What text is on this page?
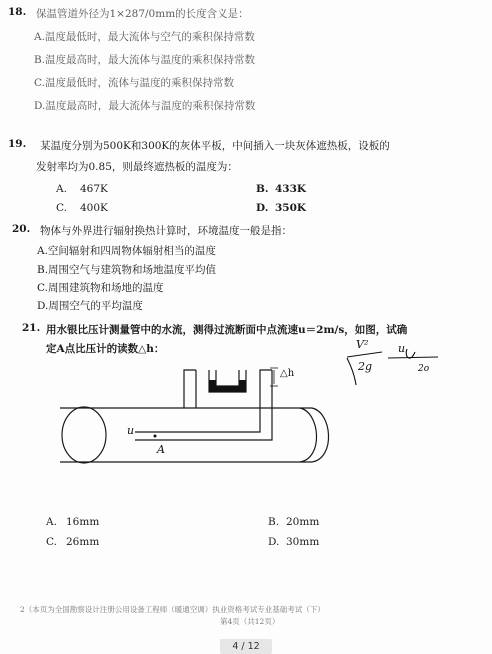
18. 保温管道外径为1×287/0mm的长度含义是：
A.温度最低时，最大流体与空气的乘积保持常数
B.温度最高时，最大流体与温度的乘积保持常数
C.温度最低时，流体与温度的乘积保持常数
D.温度最高时，最大流体与温度的乘积保持常数
19. 某温度分别为500K和300K的灰体平板，中间插入一块灰体遮热板，设板的
发射率均为0.85，则最终遮热板的温度为：
A. 467K	B. 433K
C. 400K	D. 350K
20. 物体与外界进行辐射换热计算时，环境温度一般是指：
A.空间辐射和四周物体辐射相当的温度
B.周围空气与建筑物和场地温度平均值
C.周围建筑物和场地的温度
D.周围空气的平均温度
21. 用水银比压计测量管中的水流，测得过流断面中点流速u＝2m/s，如图，试确
定A点比压计的读数△h：
△h
u
A
V²
2g
u
2o
A. 16mm	B. 20mm
C. 26mm	D. 30mm
2（本页为全国勘察设计注册公用设备工程师（暖通空调）执业资格考试专业基础考试（下）
第4页（共12页）
4 / 12
